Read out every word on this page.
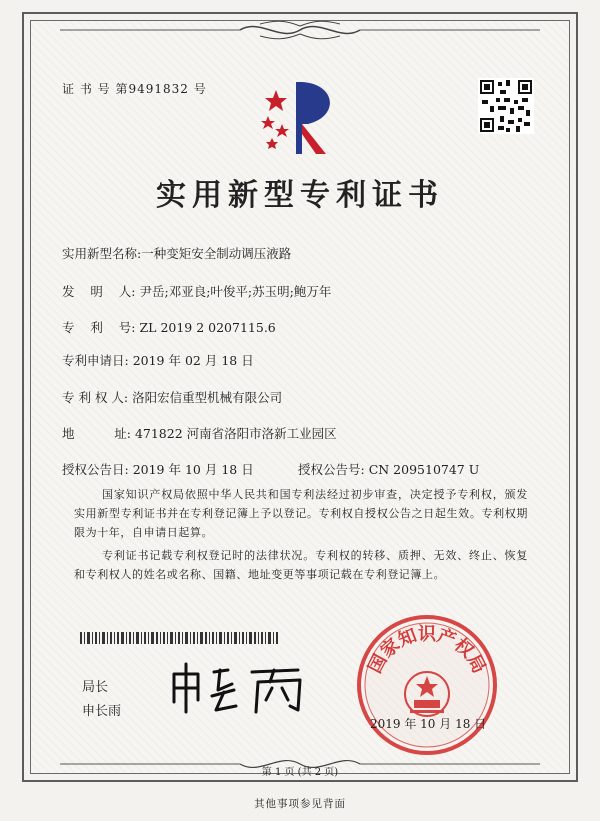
证 书 号 第9491832 号
实用新型专利证书
实用新型名称:一种变矩安全制动调压液路
发    明    人: 尹岳;邓亚良;叶俊平;苏玉明;鲍万年
专    利    号: ZL 2019 2 0207115.6
专利申请日: 2019 年 02 月 18 日
专 利 权 人: 洛阳宏信重型机械有限公司
地          址: 471822 河南省洛阳市洛新工业园区
授权公告日: 2019 年 10 月 18 日	授权公告号: CN 209510747 U
国家知识产权局依照中华人民共和国专利法经过初步审查，决定授予专利权，颁发实用新型专利证书并在专利登记簿上予以登记。专利权自授权公告之日起生效。专利权期限为十年，自申请日起算。
专利证书记载专利权登记时的法律状况。专利权的转移、质押、无效、终止、恢复和专利权人的姓名或名称、国籍、地址变更等事项记载在专利登记簿上。
局长
申长雨
国家知识产权局
2019 年 10 月 18 日
第 1 页 (共 2 页)
其他事项参见背面
